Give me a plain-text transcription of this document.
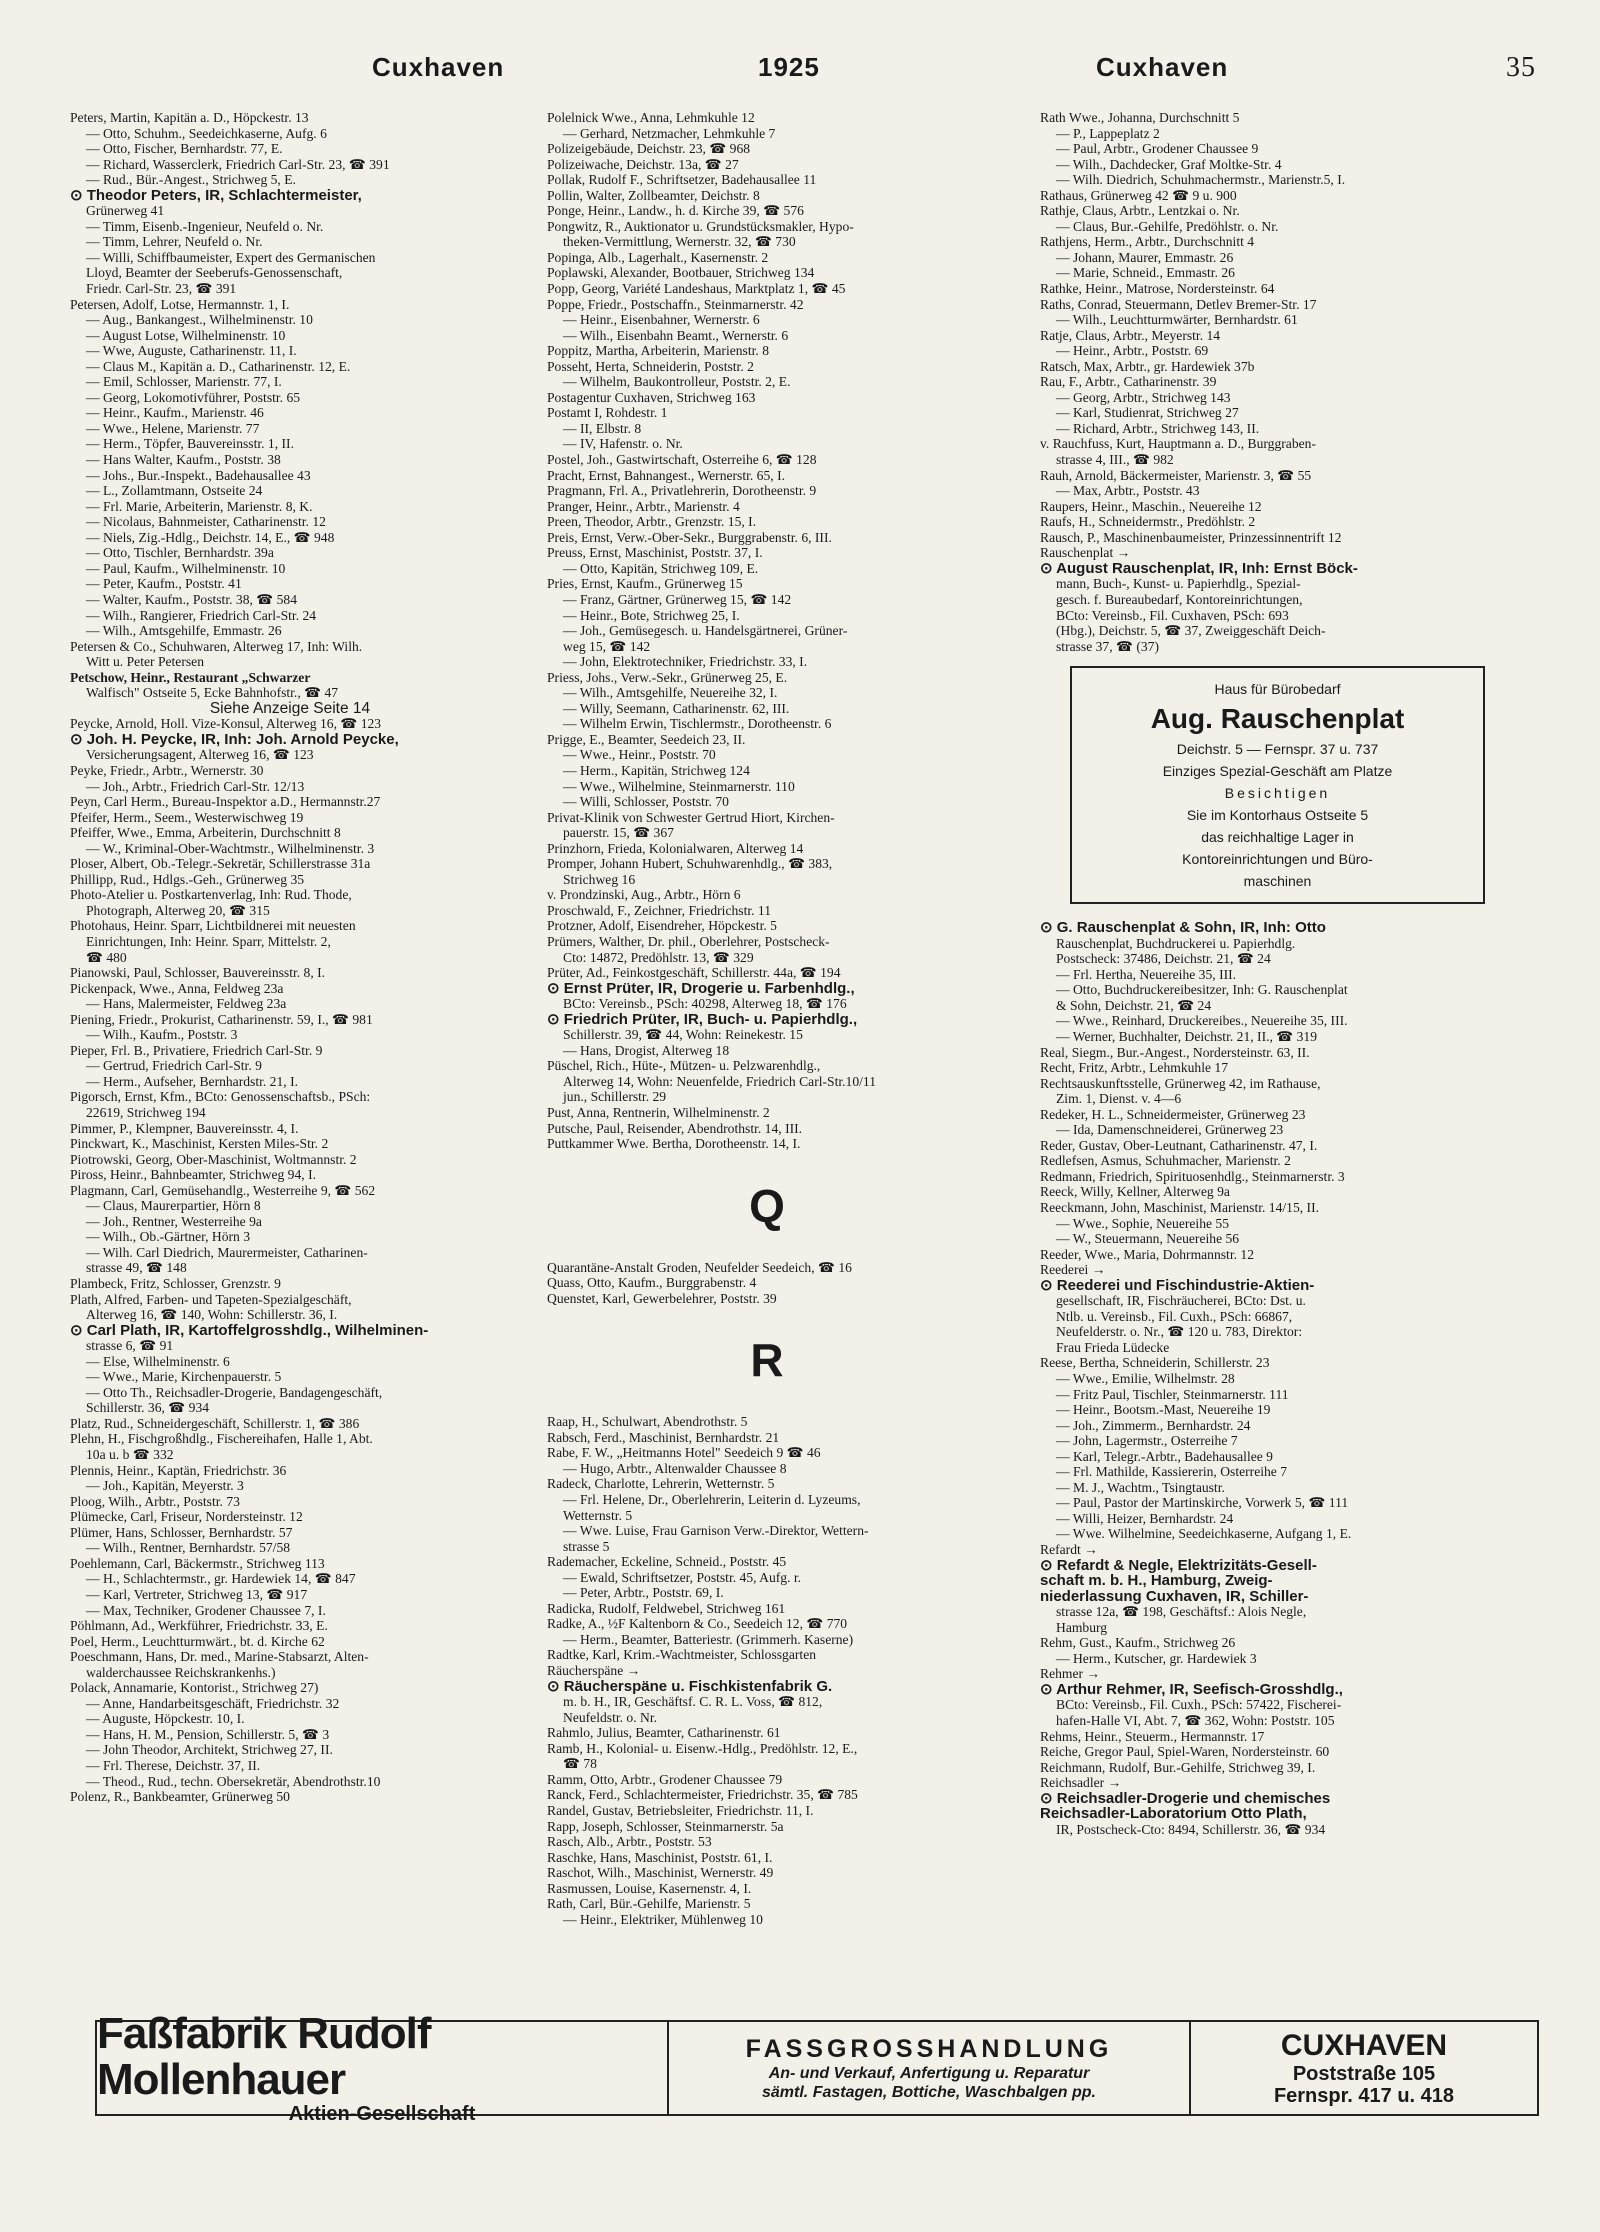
Cuxhaven	1925	Cuxhaven	35
Peters, Martin, Kapitän a. D., Höpckestr. 13
— Otto, Schuhm., Seedeichkaserne, Aufg. 6
— Otto, Fischer, Bernhardstr. 77, E.
— Richard, Wasserclerk, Friedrich Carl-Str. 23, ☎ 391
— Rud., Bür.-Angest., Strichweg 5, E.
⊙ Theodor Peters, IR, Schlachtermeister,
Grünerweg 41
— Timm, Eisenb.-Ingenieur, Neufeld o. Nr.
— Timm, Lehrer, Neufeld o. Nr.
— Willi, Schiffbaumeister, Expert des Germanischen
Lloyd, Beamter der Seeberufs-Genossenschaft,
Friedr. Carl-Str. 23, ☎ 391
Petersen, Adolf, Lotse, Hermannstr. 1, I.
— Aug., Bankangest., Wilhelminenstr. 10
— August Lotse, Wilhelminenstr. 10
— Wwe, Auguste, Catharinenstr. 11, I.
— Claus M., Kapitän a. D., Catharinenstr. 12, E.
— Emil, Schlosser, Marienstr. 77, I.
— Georg, Lokomotivführer, Poststr. 65
— Heinr., Kaufm., Marienstr. 46
— Wwe., Helene, Marienstr. 77
— Herm., Töpfer, Bauvereinsstr. 1, II.
— Hans Walter, Kaufm., Poststr. 38
— Johs., Bur.-Inspekt., Badehausallee 43
— L., Zollamtmann, Ostseite 24
— Frl. Marie, Arbeiterin, Marienstr. 8, K.
— Nicolaus, Bahnmeister, Catharinenstr. 12
— Niels, Zig.-Hdlg., Deichstr. 14, E., ☎ 948
— Otto, Tischler, Bernhardstr. 39a
— Paul, Kaufm., Wilhelminenstr. 10
— Peter, Kaufm., Poststr. 41
— Walter, Kaufm., Poststr. 38, ☎ 584
— Wilh., Rangierer, Friedrich Carl-Str. 24
— Wilh., Amtsgehilfe, Emmastr. 26
Petersen & Co., Schuhwaren, Alterweg 17, Inh: Wilh.
Witt u. Peter Petersen
Petschow, Heinr., Restaurant „Schwarzer
Walfisch" Ostseite 5, Ecke Bahnhofstr., ☎ 47
Siehe Anzeige Seite 14
Peycke, Arnold, Holl. Vize-Konsul, Alterweg 16, ☎ 123
⊙ Joh. H. Peycke, IR, Inh: Joh. Arnold Peycke,
Versicherungsagent, Alterweg 16, ☎ 123
Peyke, Friedr., Arbtr., Wernerstr. 30
— Joh., Arbtr., Friedrich Carl-Str. 12/13
Peyn, Carl Herm., Bureau-Inspektor a.D., Hermannstr.27
Pfeifer, Herm., Seem., Westerwischweg 19
Pfeiffer, Wwe., Emma, Arbeiterin, Durchschnitt 8
— W., Kriminal-Ober-Wachtmstr., Wilhelminenstr. 3
Ploser, Albert, Ob.-Telegr.-Sekretär, Schillerstrasse 31a
Phillipp, Rud., Hdlgs.-Geh., Grünerweg 35
Photo-Atelier u. Postkartenverlag, Inh: Rud. Thode,
Photograph, Alterweg 20, ☎ 315
Photohaus, Heinr. Sparr, Lichtbildnerei mit neuesten
Einrichtungen, Inh: Heinr. Sparr, Mittelstr. 2,
☎ 480
Pianowski, Paul, Schlosser, Bauvereinsstr. 8, I.
Pickenpack, Wwe., Anna, Feldweg 23a
— Hans, Malermeister, Feldweg 23a
Piening, Friedr., Prokurist, Catharinenstr. 59, I., ☎ 981
— Wilh., Kaufm., Poststr. 3
Pieper, Frl. B., Privatiere, Friedrich Carl-Str. 9
— Gertrud, Friedrich Carl-Str. 9
— Herm., Aufseher, Bernhardstr. 21, I.
Pigorsch, Ernst, Kfm., BCto: Genossenschaftsb., PSch:
22619, Strichweg 194
Pimmer, P., Klempner, Bauvereinsstr. 4, I.
Pinckwart, K., Maschinist, Kersten Miles-Str. 2
Piotrowski, Georg, Ober-Maschinist, Woltmannstr. 2
Piross, Heinr., Bahnbeamter, Strichweg 94, I.
Plagmann, Carl, Gemüsehandlg., Westerreihe 9, ☎ 562
— Claus, Maurerpartier, Hörn 8
— Joh., Rentner, Westerreihe 9a
— Wilh., Ob.-Gärtner, Hörn 3
— Wilh. Carl Diedrich, Maurermeister, Catharinen-
strasse 49, ☎ 148
Plambeck, Fritz, Schlosser, Grenzstr. 9
Plath, Alfred, Farben- und Tapeten-Spezialgeschäft,
Alterweg 16, ☎ 140, Wohn: Schillerstr. 36, I.
⊙ Carl Plath, IR, Kartoffelgrosshdlg., Wilhelminen-
strasse 6, ☎ 91
— Else, Wilhelminenstr. 6
— Wwe., Marie, Kirchenpauerstr. 5
— Otto Th., Reichsadler-Drogerie, Bandagengeschäft,
Schillerstr. 36, ☎ 934
Platz, Rud., Schneidergeschäft, Schillerstr. 1, ☎ 386
Plehn, H., Fischgroßhdlg., Fischereihafen, Halle 1, Abt.
10a u. b ☎ 332
Plennis, Heinr., Kaptän, Friedrichstr. 36
— Joh., Kapitän, Meyerstr. 3
Ploog, Wilh., Arbtr., Poststr. 73
Plümecke, Carl, Friseur, Nordersteinstr. 12
Plümer, Hans, Schlosser, Bernhardstr. 57
— Wilh., Rentner, Bernhardstr. 57/58
Poehlemann, Carl, Bäckermstr., Strichweg 113
— H., Schlachtermstr., gr. Hardewiek 14, ☎ 847
— Karl, Vertreter, Strichweg 13, ☎ 917
— Max, Techniker, Grodener Chaussee 7, I.
Pöhlmann, Ad., Werkführer, Friedrichstr. 33, E.
Poel, Herm., Leuchtturmwärt., bt. d. Kirche 62
Poeschmann, Hans, Dr. med., Marine-Stabsarzt, Alten-
walderchaussee Reichskrankenhs.)
Polack, Annamarie, Kontorist., Strichweg 27)
— Anne, Handarbeitsgeschäft, Friedrichstr. 32
— Auguste, Höpckestr. 10, I.
— Hans, H. M., Pension, Schillerstr. 5, ☎ 3
— John Theodor, Architekt, Strichweg 27, II.
— Frl. Therese, Deichstr. 37, II.
— Theod., Rud., techn. Obersekretär, Abendrothstr.10
Polenz, R., Bankbeamter, Grünerweg 50
Polelnick Wwe., Anna, Lehmkuhle 12
— Gerhard, Netzmacher, Lehmkuhle 7
Polizeigebäude, Deichstr. 23, ☎ 968
Polizeiwache, Deichstr. 13a, ☎ 27
Pollak, Rudolf F., Schriftsetzer, Badehausallee 11
Pollin, Walter, Zollbeamter, Deichstr. 8
Ponge, Heinr., Landw., h. d. Kirche 39, ☎ 576
Pongwitz, R., Auktionator u. Grundstücksmakler, Hypo-
theken-Vermittlung, Wernerstr. 32, ☎ 730
Popinga, Alb., Lagerhalt., Kasernenstr. 2
Poplawski, Alexander, Bootbauer, Strichweg 134
Popp, Georg, Variété Landeshaus, Marktplatz 1, ☎ 45
Poppe, Friedr., Postschaffn., Steinmarnerstr. 42
— Heinr., Eisenbahner, Wernerstr. 6
— Wilh., Eisenbahn Beamt., Wernerstr. 6
Poppitz, Martha, Arbeiterin, Marienstr. 8
Posseht, Herta, Schneiderin, Poststr. 2
— Wilhelm, Baukontrolleur, Poststr. 2, E.
Postagentur Cuxhaven, Strichweg 163
Postamt I, Rohdestr. 1
— II, Elbstr. 8
— IV, Hafenstr. o. Nr.
Postel, Joh., Gastwirtschaft, Osterreihe 6, ☎ 128
Pracht, Ernst, Bahnangest., Wernerstr. 65, I.
Pragmann, Frl. A., Privatlehrerin, Dorotheenstr. 9
Pranger, Heinr., Arbtr., Marienstr. 4
Preen, Theodor, Arbtr., Grenzstr. 15, I.
Preis, Ernst, Verw.-Ober-Sekr., Burggrabenstr. 6, III.
Preuss, Ernst, Maschinist, Poststr. 37, I.
— Otto, Kapitän, Strichweg 109, E.
Pries, Ernst, Kaufm., Grünerweg 15
— Franz, Gärtner, Grünerweg 15, ☎ 142
— Heinr., Bote, Strichweg 25, I.
— Joh., Gemüsegesch. u. Handelsgärtnerei, Grüner-
weg 15, ☎ 142
— John, Elektrotechniker, Friedrichstr. 33, I.
Priess, Johs., Verw.-Sekr., Grünerweg 25, E.
— Wilh., Amtsgehilfe, Neuereihe 32, I.
— Willy, Seemann, Catharinenstr. 62, III.
— Wilhelm Erwin, Tischlermstr., Dorotheenstr. 6
Prigge, E., Beamter, Seedeich 23, II.
— Wwe., Heinr., Poststr. 70
— Herm., Kapitän, Strichweg 124
— Wwe., Wilhelmine, Steinmarnerstr. 110
— Willi, Schlosser, Poststr. 70
Privat-Klinik von Schwester Gertrud Hiort, Kirchen-
pauerstr. 15, ☎ 367
Prinzhorn, Frieda, Kolonialwaren, Alterweg 14
Promper, Johann Hubert, Schuhwarenhdlg., ☎ 383,
Strichweg 16
v. Prondzinski, Aug., Arbtr., Hörn 6
Proschwald, F., Zeichner, Friedrichstr. 11
Protzner, Adolf, Eisendreher, Höpckestr. 5
Prümers, Walther, Dr. phil., Oberlehrer, Postscheck-
Cto: 14872, Predöhlstr. 13, ☎ 329
Prüter, Ad., Feinkostgeschäft, Schillerstr. 44a, ☎ 194
⊙ Ernst Prüter, IR, Drogerie u. Farbenhdlg.,
BCto: Vereinsb., PSch: 40298, Alterweg 18, ☎ 176
⊙ Friedrich Prüter, IR, Buch- u. Papierhdlg.,
Schillerstr. 39, ☎ 44, Wohn: Reinekestr. 15
— Hans, Drogist, Alterweg 18
Püschel, Rich., Hüte-, Mützen- u. Pelzwarenhdlg.,
Alterweg 14, Wohn: Neuenfelde, Friedrich Carl-Str.10/11
jun., Schillerstr. 29
Pust, Anna, Rentnerin, Wilhelminenstr. 2
Putsche, Paul, Reisender, Abendrothstr. 14, III.
Puttkammer Wwe. Bertha, Dorotheenstr. 14, I.
Q
Quarantäne-Anstalt Groden, Neufelder Seedeich, ☎ 16
Quass, Otto, Kaufm., Burggrabenstr. 4
Quenstet, Karl, Gewerbelehrer, Poststr. 39
R
Raap, H., Schulwart, Abendrothstr. 5
Rabsch, Ferd., Maschinist, Bernhardstr. 21
Rabe, F. W., „Heitmanns Hotel" Seedeich 9 ☎ 46
— Hugo, Arbtr., Altenwalder Chaussee 8
Radeck, Charlotte, Lehrerin, Wetternstr. 5
— Frl. Helene, Dr., Oberlehrerin, Leiterin d. Lyzeums,
Wetternstr. 5
— Wwe. Luise, Frau Garnison Verw.-Direktor, Wettern-
strasse 5
Rademacher, Eckeline, Schneid., Poststr. 45
— Ewald, Schriftsetzer, Poststr. 45, Aufg. r.
— Peter, Arbtr., Poststr. 69, I.
Radicka, Rudolf, Feldwebel, Strichweg 161
Radke, A., ½F Kaltenborn & Co., Seedeich 12, ☎ 770
— Herm., Beamter, Batteriestr. (Grimmerh. Kaserne)
Radtke, Karl, Krim.-Wachtmeister, Schlossgarten
Räucherspäne →
⊙ Räucherspäne u. Fischkistenfabrik G.
m. b. H., IR, Geschäftsf. C. R. L. Voss, ☎ 812,
Neufeldstr. o. Nr.
Rahmlo, Julius, Beamter, Catharinenstr. 61
Ramb, H., Kolonial- u. Eisenw.-Hdlg., Predöhlstr. 12, E.,
☎ 78
Ramm, Otto, Arbtr., Grodener Chaussee 79
Ranck, Ferd., Schlachtermeister, Friedrichstr. 35, ☎ 785
Randel, Gustav, Betriebsleiter, Friedrichstr. 11, I.
Rapp, Joseph, Schlosser, Steinmarnerstr. 5a
Rasch, Alb., Arbtr., Poststr. 53
Raschke, Hans, Maschinist, Poststr. 61, I.
Raschot, Wilh., Maschinist, Wernerstr. 49
Rasmussen, Louise, Kasernenstr. 4, I.
Rath, Carl, Bür.-Gehilfe, Marienstr. 5
— Heinr., Elektriker, Mühlenweg 10
Rath Wwe., Johanna, Durchschnitt 5
— P., Lappeplatz 2
— Paul, Arbtr., Grodener Chaussee 9
— Wilh., Dachdecker, Graf Moltke-Str. 4
— Wilh. Diedrich, Schuhmachermstr., Marienstr.5, I.
Rathaus, Grünerweg 42 ☎ 9 u. 900
Rathje, Claus, Arbtr., Lentzkai o. Nr.
— Claus, Bur.-Gehilfe, Predöhlstr. o. Nr.
Rathjens, Herm., Arbtr., Durchschnitt 4
— Johann, Maurer, Emmastr. 26
— Marie, Schneid., Emmastr. 26
Rathke, Heinr., Matrose, Nordersteinstr. 64
Raths, Conrad, Steuermann, Detlev Bremer-Str. 17
— Wilh., Leuchtturmwärter, Bernhardstr. 61
Ratje, Claus, Arbtr., Meyerstr. 14
— Heinr., Arbtr., Poststr. 69
Ratsch, Max, Arbtr., gr. Hardewiek 37b
Rau, F., Arbtr., Catharinenstr. 39
— Georg, Arbtr., Strichweg 143
— Karl, Studienrat, Strichweg 27
— Richard, Arbtr., Strichweg 143, II.
v. Rauchfuss, Kurt, Hauptmann a. D., Burggraben-
strasse 4, III., ☎ 982
Rauh, Arnold, Bäckermeister, Marienstr. 3, ☎ 55
— Max, Arbtr., Poststr. 43
Raupers, Heinr., Maschin., Neuereihe 12
Raufs, H., Schneidermstr., Predöhlstr. 2
Rausch, P., Maschinenbaumeister, Prinzessinnentrift 12
Rauschenplat →
⊙ August Rauschenplat, IR, Inh: Ernst Böck-
mann, Buch-, Kunst- u. Papierhdlg., Spezial-
gesch. f. Bureaubedarf, Kontoreinrichtungen,
BCto: Vereinsb., Fil. Cuxhaven, PSch: 693
(Hbg.), Deichstr. 5, ☎ 37, Zweiggeschäft Deich-
strasse 37, ☎ (37)
Haus für Bürobedarf
Aug. Rauschenplat
Deichstr. 5 — Fernspr. 37 u. 737
Einziges Spezial-Geschäft am Platze
Besichtigen
Sie im Kontorhaus Ostseite 5
das reichhaltige Lager in
Kontoreinrichtungen und Büro-
maschinen
⊙ G. Rauschenplat & Sohn, IR, Inh: Otto
Rauschenplat, Buchdruckerei u. Papierhdlg.
Postscheck: 37486, Deichstr. 21, ☎ 24
— Frl. Hertha, Neuereihe 35, III.
— Otto, Buchdruckereibesitzer, Inh: G. Rauschenplat
& Sohn, Deichstr. 21, ☎ 24
— Wwe., Reinhard, Druckereibes., Neuereihe 35, III.
— Werner, Buchhalter, Deichstr. 21, II., ☎ 319
Real, Siegm., Bur.-Angest., Nordersteinstr. 63, II.
Recht, Fritz, Arbtr., Lehmkuhle 17
Rechtsauskunftsstelle, Grünerweg 42, im Rathause,
Zim. 1, Dienst. v. 4—6
Redeker, H. L., Schneidermeister, Grünerweg 23
— Ida, Damenschneiderei, Grünerweg 23
Reder, Gustav, Ober-Leutnant, Catharinenstr. 47, I.
Redlefsen, Asmus, Schuhmacher, Marienstr. 2
Redmann, Friedrich, Spirituosenhdlg., Steinmarnerstr. 3
Reeck, Willy, Kellner, Alterweg 9a
Reeckmann, John, Maschinist, Marienstr. 14/15, II.
— Wwe., Sophie, Neuereihe 55
— W., Steuermann, Neuereihe 56
Reeder, Wwe., Maria, Dohrmannstr. 12
Reederei →
⊙ Reederei und Fischindustrie-Aktien-
gesellschaft, IR, Fischräucherei, BCto: Dst. u.
Ntlb. u. Vereinsb., Fil. Cuxh., PSch: 66867,
Neufelderstr. o. Nr., ☎ 120 u. 783, Direktor:
Frau Frieda Lüdecke
Reese, Bertha, Schneiderin, Schillerstr. 23
— Wwe., Emilie, Wilhelmstr. 28
— Fritz Paul, Tischler, Steinmarnerstr. 111
— Heinr., Bootsm.-Mast, Neuereihe 19
— Joh., Zimmerm., Bernhardstr. 24
— John, Lagermstr., Osterreihe 7
— Karl, Telegr.-Arbtr., Badehausallee 9
— Frl. Mathilde, Kassiererin, Osterreihe 7
— M. J., Wachtm., Tsingtaustr.
— Paul, Pastor der Martinskirche, Vorwerk 5, ☎ 111
— Willi, Heizer, Bernhardstr. 24
— Wwe. Wilhelmine, Seedeichkaserne, Aufgang 1, E.
Refardt →
⊙ Refardt & Negle, Elektrizitäts-Gesell-
schaft m. b. H., Hamburg, Zweig-
niederlassung Cuxhaven, IR, Schiller-
strasse 12a, ☎ 198, Geschäftsf.: Alois Negle,
Hamburg
Rehm, Gust., Kaufm., Strichweg 26
— Herm., Kutscher, gr. Hardewiek 3
Rehmer →
⊙ Arthur Rehmer, IR, Seefisch-Grosshdlg.,
BCto: Vereinsb., Fil. Cuxh., PSch: 57422, Fischerei-
hafen-Halle VI, Abt. 7, ☎ 362, Wohn: Poststr. 105
Rehms, Heinr., Steuerm., Hermannstr. 17
Reiche, Gregor Paul, Spiel-Waren, Nordersteinstr. 60
Reichmann, Rudolf, Bur.-Gehilfe, Strichweg 39, I.
Reichsadler →
⊙ Reichsadler-Drogerie und chemisches
Reichsadler-Laboratorium Otto Plath,
IR, Postscheck-Cto: 8494, Schillerstr. 36, ☎ 934
Faßfabrik Rudolf Mollenhauer
Aktien-Gesellschaft
FASSGROSSHANDLUNG
An- und Verkauf, Anfertigung u. Reparatur
sämtl. Fastagen, Bottiche, Waschbalgen pp.
CUXHAVEN
Poststraße 105
Fernspr. 417 u. 418
